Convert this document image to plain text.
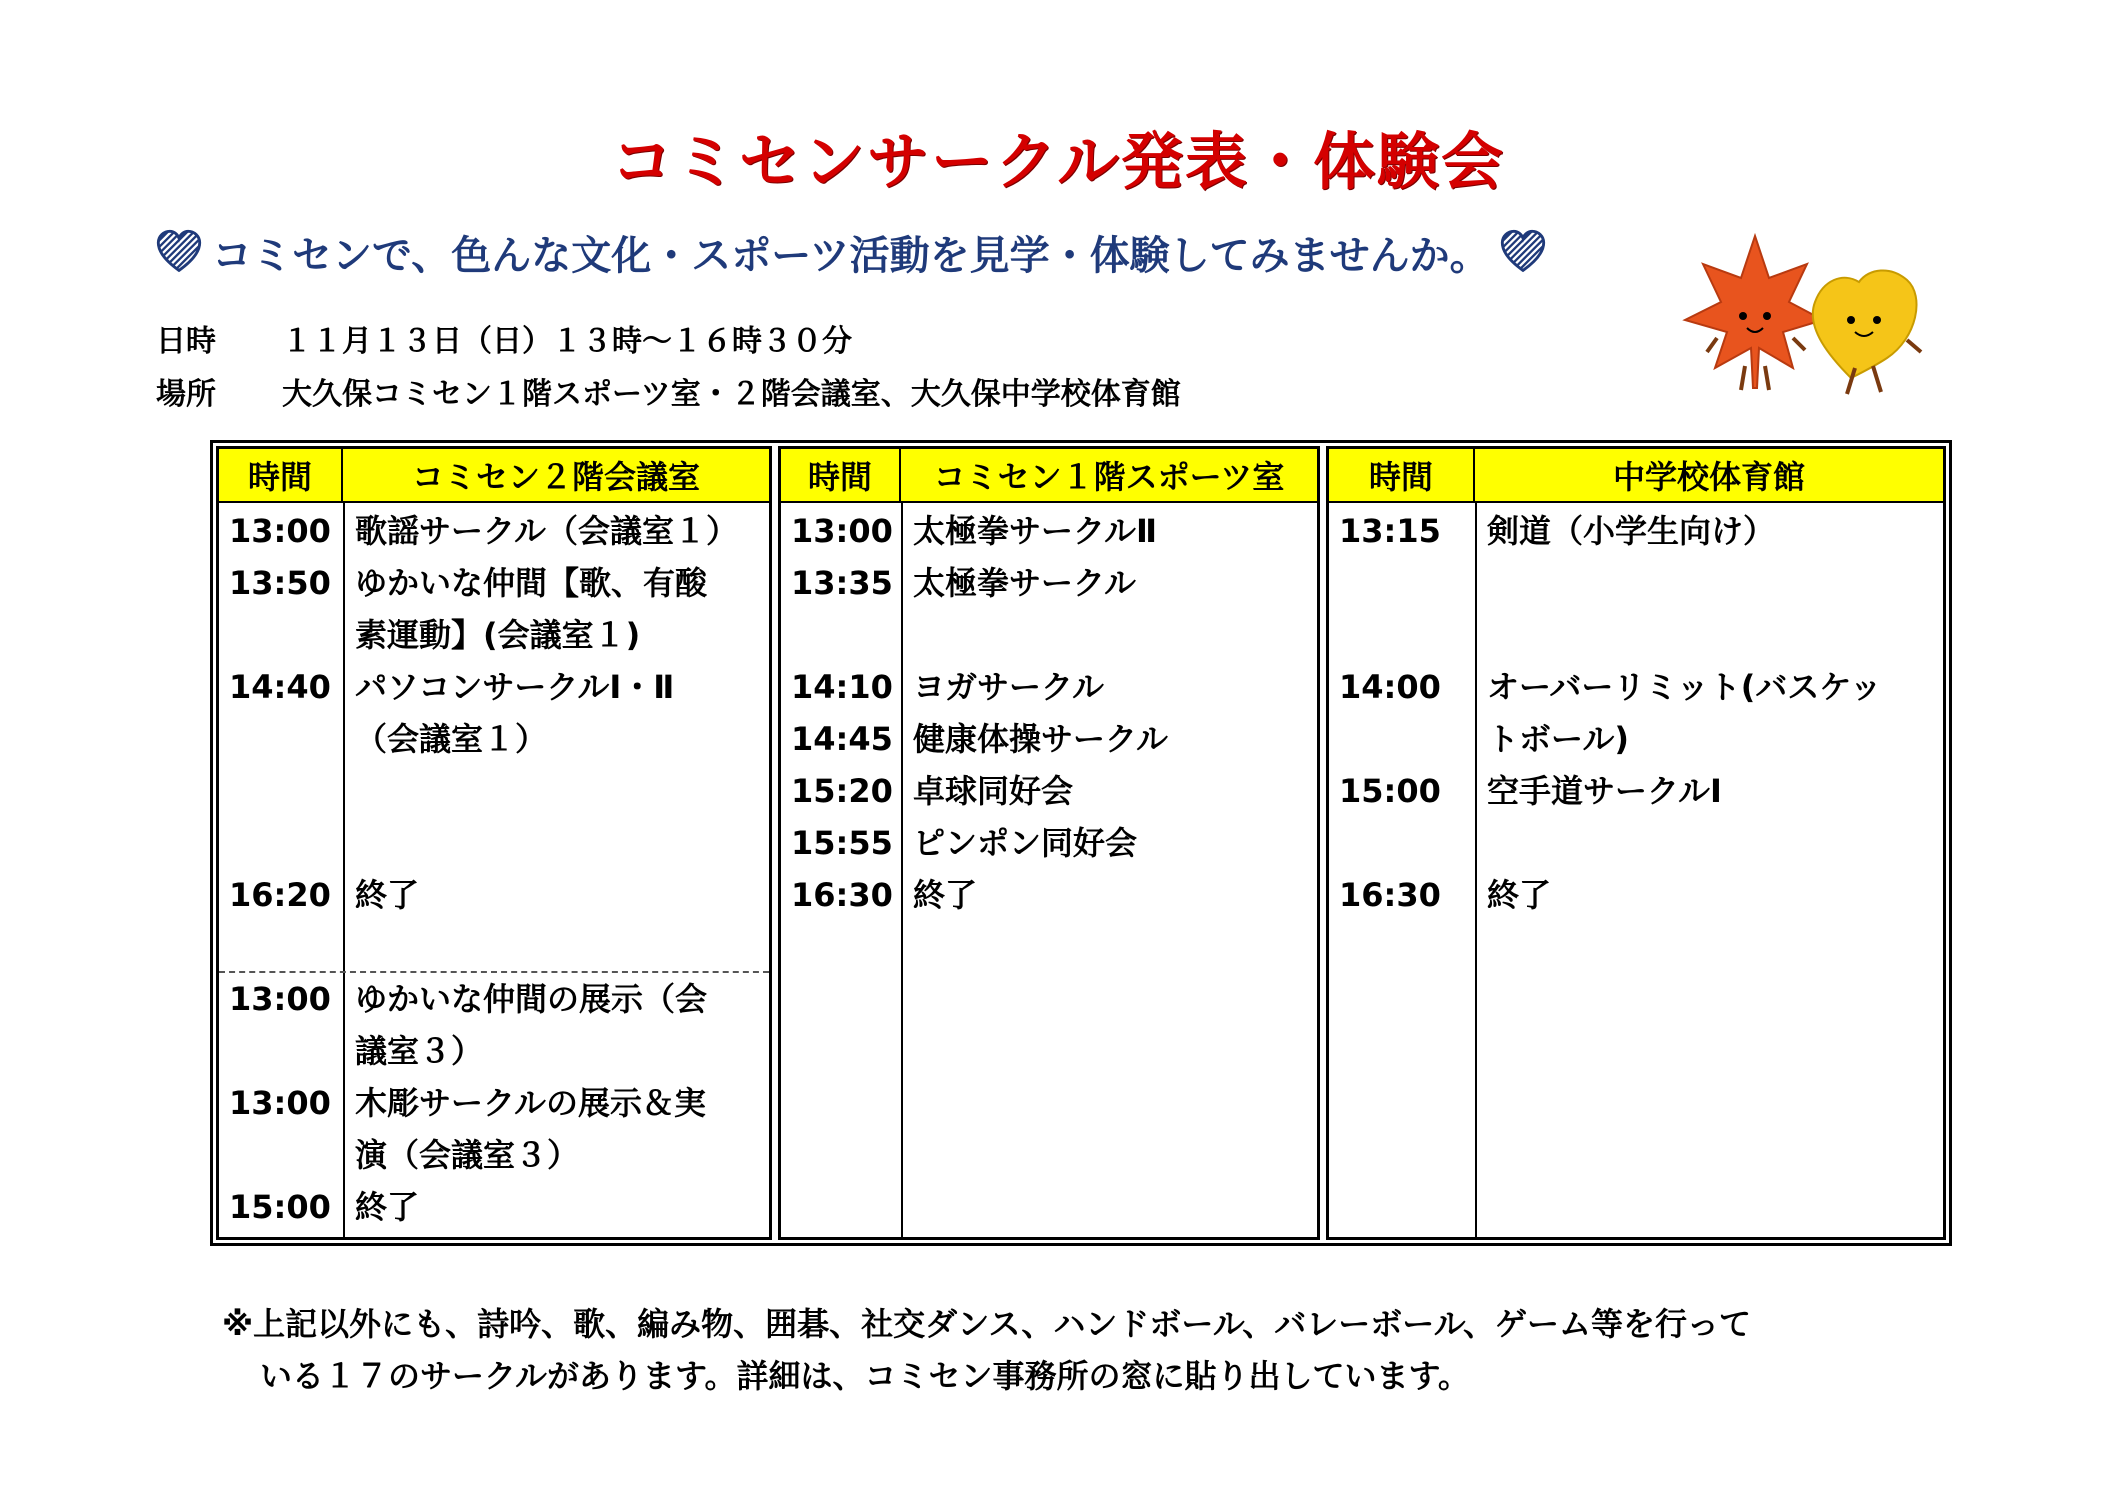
コミセンサークル発表・体験会
コミセンで、色んな文化・スポーツ活動を見学・体験してみませんか。
日時	１１月１３日（日）１３時～１６時３０分
場所	大久保コミセン１階スポーツ室・２階会議室、大久保中学校体育館
時間	コミセン２階会議室
13:00 歌謡サークル（会議室１）
13:50 ゆかいな仲間【歌、有酸
素運動】(会議室１)
14:40 パソコンサークルⅠ・Ⅱ
（会議室１）
16:20 終了
13:00 ゆかいな仲間の展示（会
議室３）
13:00 木彫サークルの展示＆実
演（会議室３）
15:00 終了
時間	コミセン１階スポーツ室
13:00 太極拳サークルⅡ
13:35 太極拳サークル
14:10 ヨガサークル
14:45 健康体操サークル
15:20 卓球同好会
15:55 ピンポン同好会
16:30 終了
時間	中学校体育館
13:15	剣道（小学生向け）
14:00	オーバーリミット(バスケッ
トボール)
15:00	空手道サークルⅠ
16:30	終了
※上記以外にも、詩吟、歌、編み物、囲碁、社交ダンス、ハンドボール、バレーボール、ゲーム等を行って
いる１７のサークルがあります。詳細は、コミセン事務所の窓に貼り出しています。
